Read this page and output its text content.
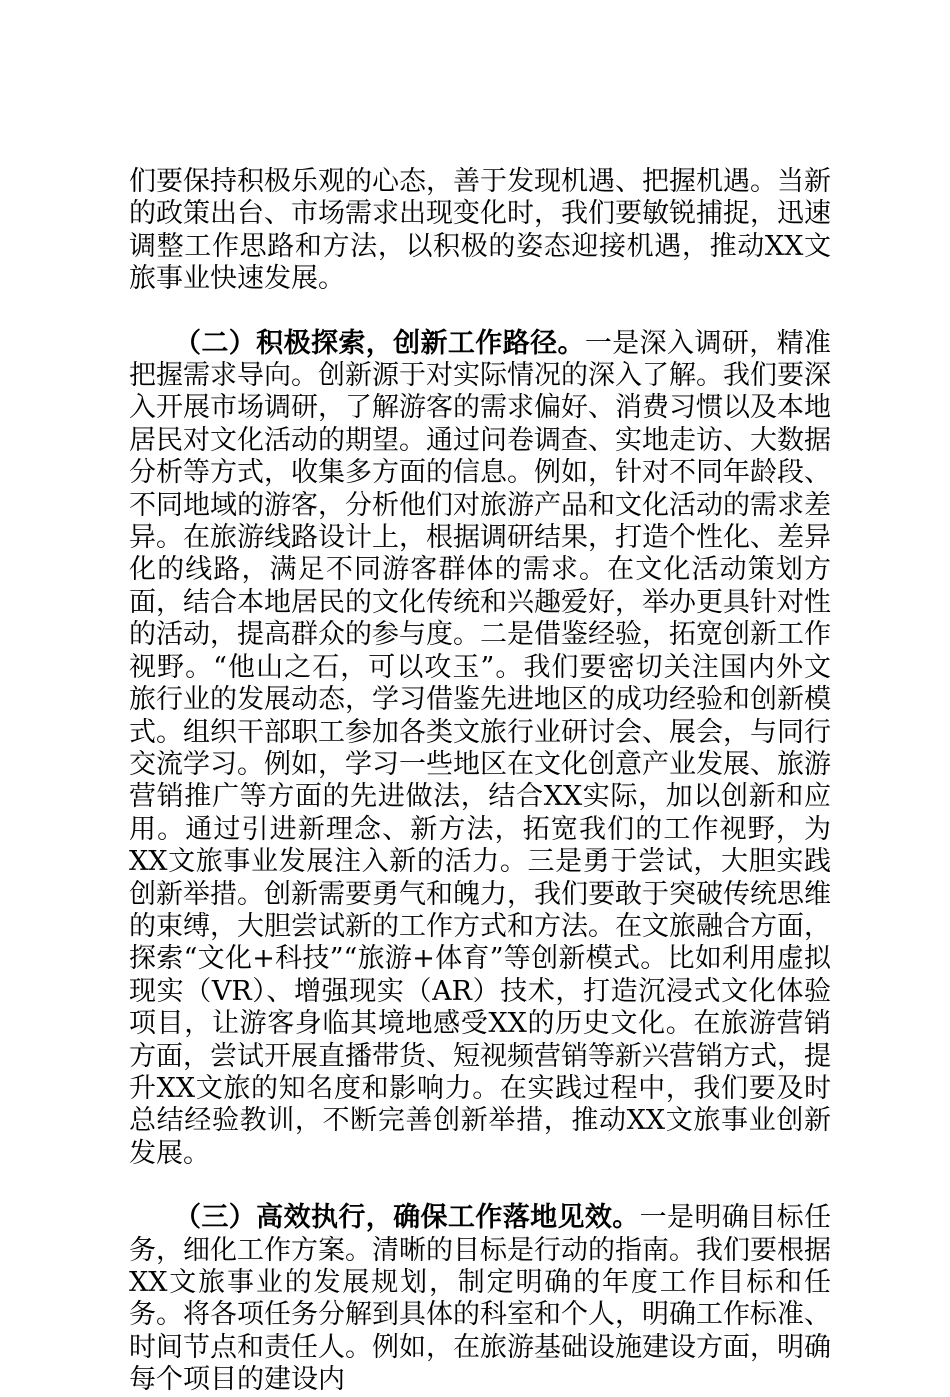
们要保持积极乐观的心态，善于发现机遇、把握机遇。当新的政策出台、市场需求出现变化时，我们要敏锐捕捉，迅速调整工作思路和方法，以积极的姿态迎接机遇，推动XX文旅事业快速发展。

（二）积极探索，创新工作路径。一是深入调研，精准把握需求导向。创新源于对实际情况的深入了解。我们要深入开展市场调研，了解游客的需求偏好、消费习惯以及本地居民对文化活动的期望。通过问卷调查、实地走访、大数据分析等方式，收集多方面的信息。例如，针对不同年龄段、不同地域的游客，分析他们对旅游产品和文化活动的需求差异。在旅游线路设计上，根据调研结果，打造个性化、差异化的线路，满足不同游客群体的需求。在文化活动策划方面，结合本地居民的文化传统和兴趣爱好，举办更具针对性的活动，提高群众的参与度。二是借鉴经验，拓宽创新工作视野。“他山之石，可以攻玉”。我们要密切关注国内外文旅行业的发展动态，学习借鉴先进地区的成功经验和创新模式。组织干部职工参加各类文旅行业研讨会、展会，与同行交流学习。例如，学习一些地区在文化创意产业发展、旅游营销推广等方面的先进做法，结合XX实际，加以创新和应用。通过引进新理念、新方法，拓宽我们的工作视野，为XX文旅事业发展注入新的活力。三是勇于尝试，大胆实践创新举措。创新需要勇气和魄力，我们要敢于突破传统思维的束缚，大胆尝试新的工作方式和方法。在文旅融合方面，探索“文化+科技”“旅游+体育”等创新模式。比如利用虚拟现实（VR）、增强现实（AR）技术，打造沉浸式文化体验项目，让游客身临其境地感受XX的历史文化。在旅游营销方面，尝试开展直播带货、短视频营销等新兴营销方式，提升XX文旅的知名度和影响力。在实践过程中，我们要及时总结经验教训，不断完善创新举措，推动XX文旅事业创新发展。

（三）高效执行，确保工作落地见效。一是明确目标任务，细化工作方案。清晰的目标是行动的指南。我们要根据XX文旅事业的发展规划，制定明确的年度工作目标和任务。将各项任务分解到具体的科室和个人，明确工作标准、时间节点和责任人。例如，在旅游基础设施建设方面，明确每个项目的建设内
